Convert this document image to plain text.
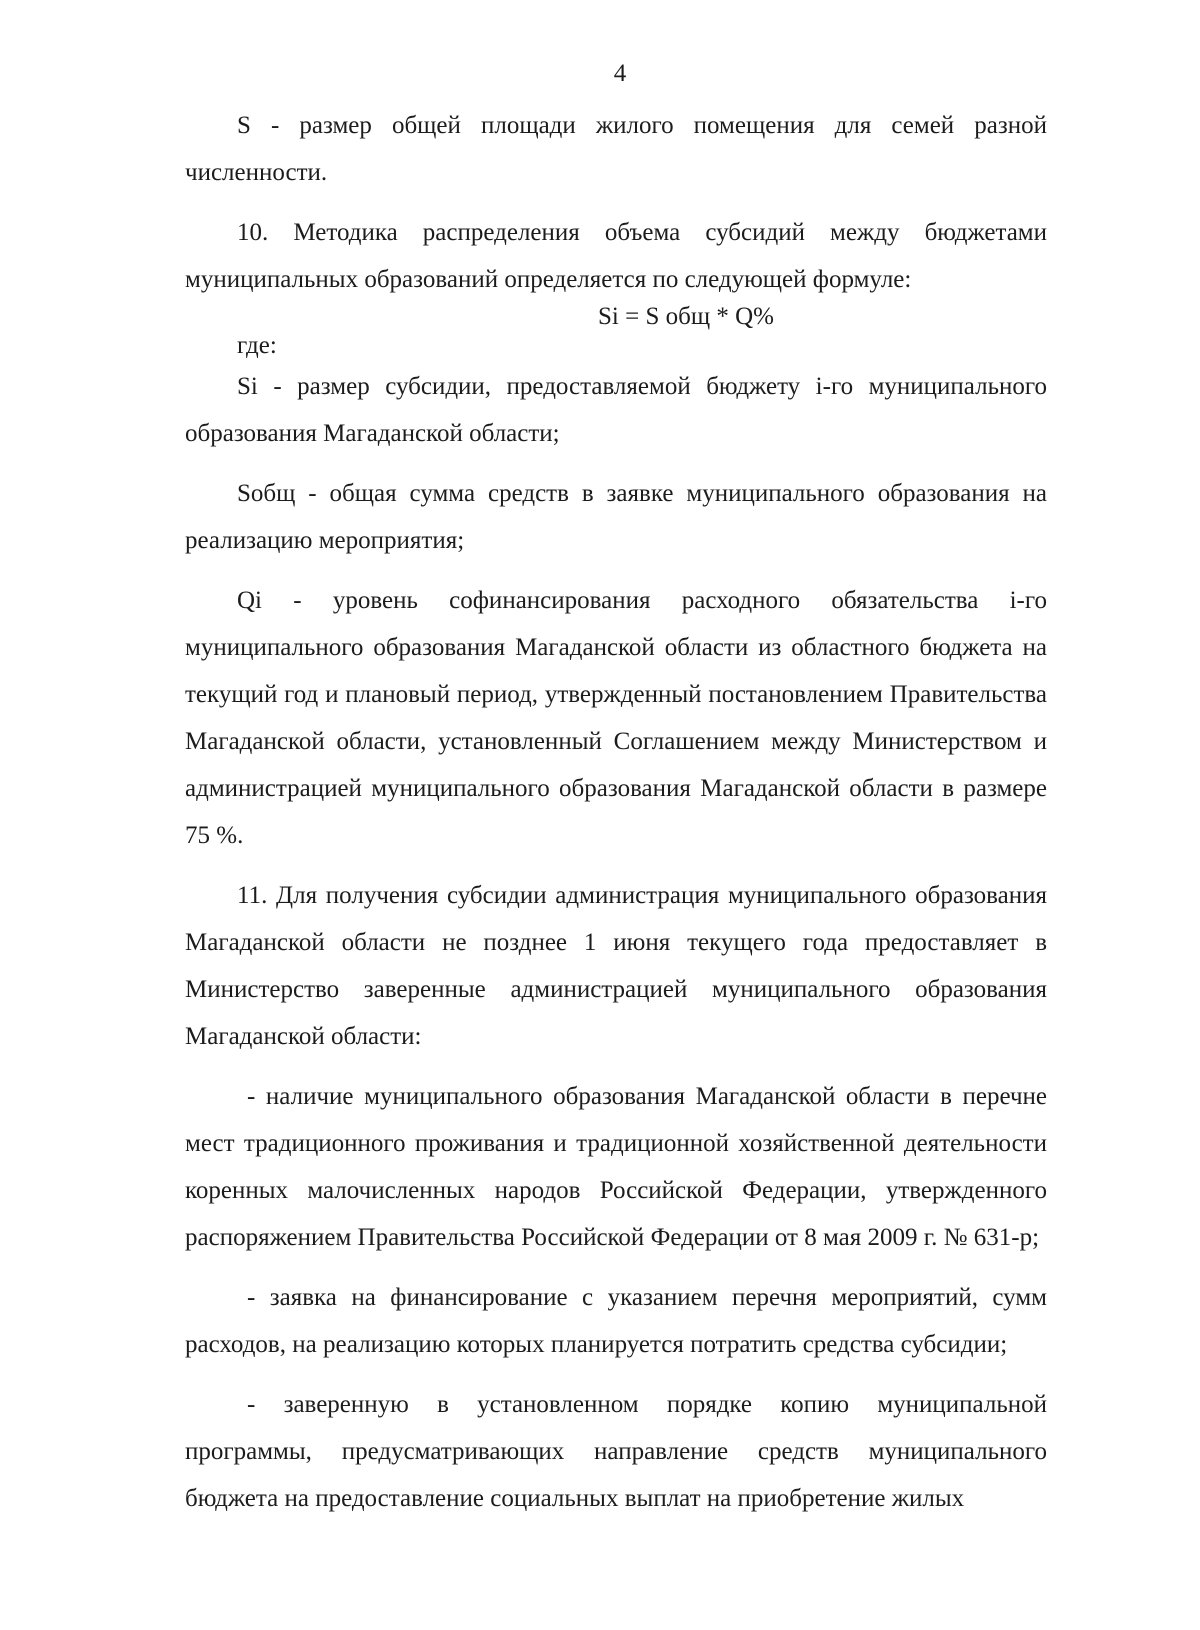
4

S - размер общей площади жилого помещения для семей разной численности.

10. Методика распределения объема субсидий между бюджетами муниципальных образований определяется по следующей формуле:

Si = S общ * Q%

где:

Si - размер субсидии, предоставляемой бюджету i-го муниципального образования Магаданской области;

Sобщ - общая сумма средств в заявке муниципального образования на реализацию мероприятия;

Qi - уровень софинансирования расходного обязательства i-го муниципального образования Магаданской области из областного бюджета на текущий год и плановый период, утвержденный постановлением Правительства Магаданской области, установленный Соглашением между Министерством и администрацией муниципального образования Магаданской области в размере 75 %.

11. Для получения субсидии администрация муниципального образования Магаданской области не позднее 1 июня текущего года предоставляет в Министерство заверенные администрацией муниципального образования Магаданской области:

- наличие муниципального образования Магаданской области в перечне мест традиционного проживания и традиционной хозяйственной деятельности коренных малочисленных народов Российской Федерации, утвержденного распоряжением Правительства Российской Федерации от 8 мая 2009 г. № 631-р;

- заявка на финансирование с указанием перечня мероприятий, сумм расходов, на реализацию которых планируется потратить средства субсидии;

- заверенную в установленном порядке копию муниципальной программы, предусматривающих направление средств муниципального бюджета на предоставление социальных выплат на приобретение жилых
